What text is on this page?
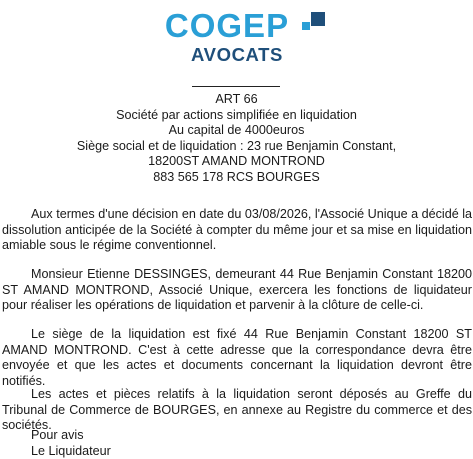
COGEP
AVOCATS
ART 66
Société par actions simplifiée en liquidation
Au capital de 4000euros
Siège social et de liquidation : 23 rue Benjamin Constant,
18200ST AMAND MONTROND
883 565 178 RCS BOURGES
Aux termes d'une décision en date du 03/08/2026, l'Associé Unique a décidé la dissolution anticipée de la Société à compter du même jour et sa mise en liquidation amiable sous le régime conventionnel.
Monsieur Etienne DESSINGES, demeurant 44 Rue Benjamin Constant 18200 ST AMAND MONTROND, Associé Unique, exercera les fonctions de liquidateur pour réaliser les opérations de liquidation et parvenir à la clôture de celle-ci.
Le siège de la liquidation est fixé 44 Rue Benjamin Constant 18200 ST AMAND MONTROND. C'est à cette adresse que la correspondance devra être envoyée et que les actes et documents concernant la liquidation devront être notifiés.
Les actes et pièces relatifs à la liquidation seront déposés au Greffe du Tribunal de Commerce de BOURGES, en annexe au Registre du commerce et des sociétés.
Pour avis
Le Liquidateur
